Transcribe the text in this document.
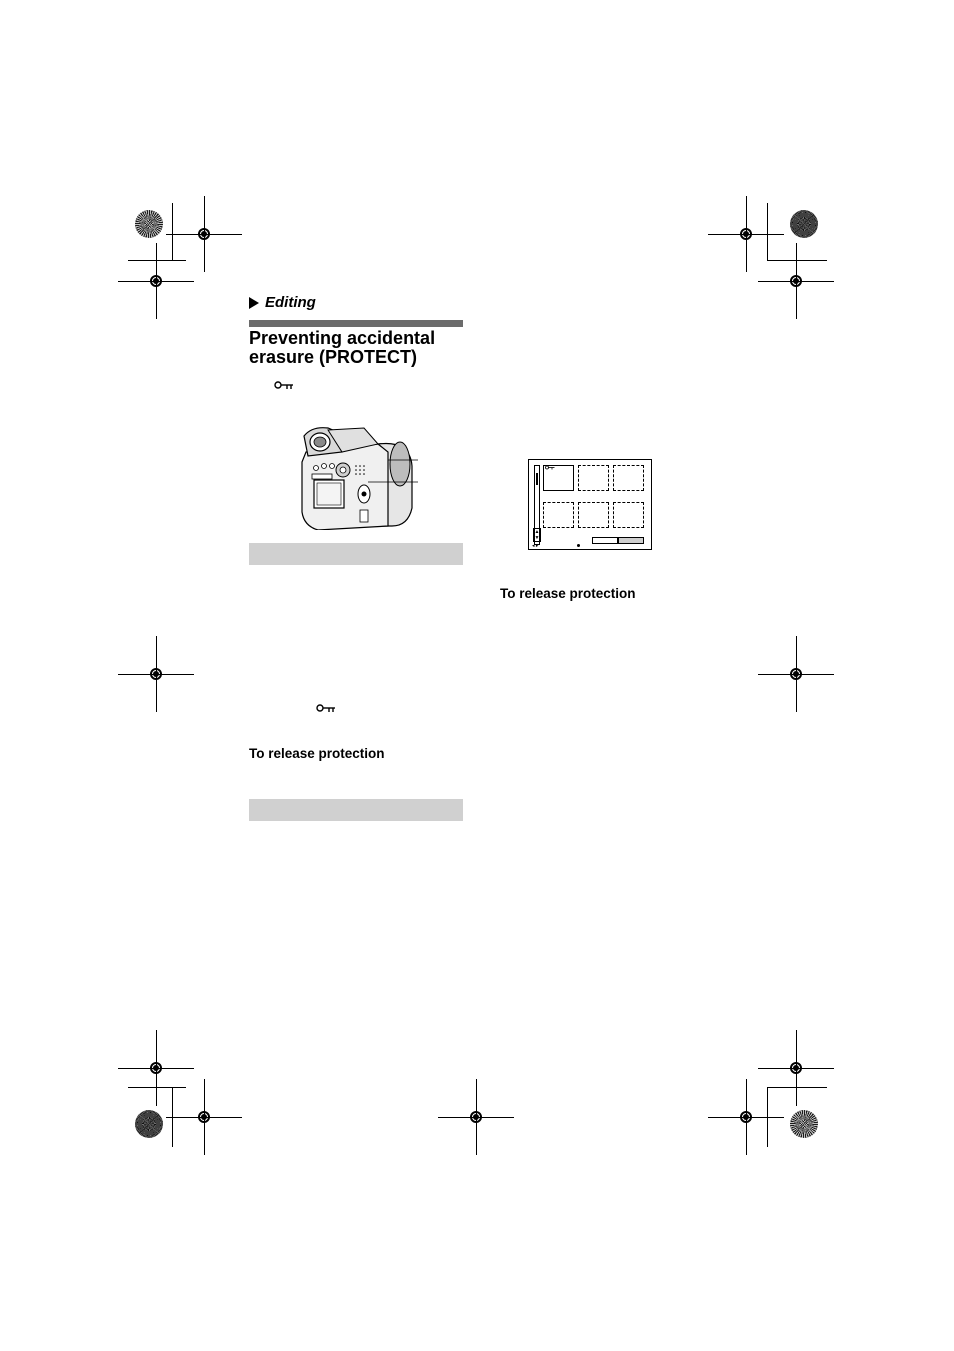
Editing
Preventing accidental erasure (PROTECT)
To release protection
▲
▼
◂ ▸
To release protection
